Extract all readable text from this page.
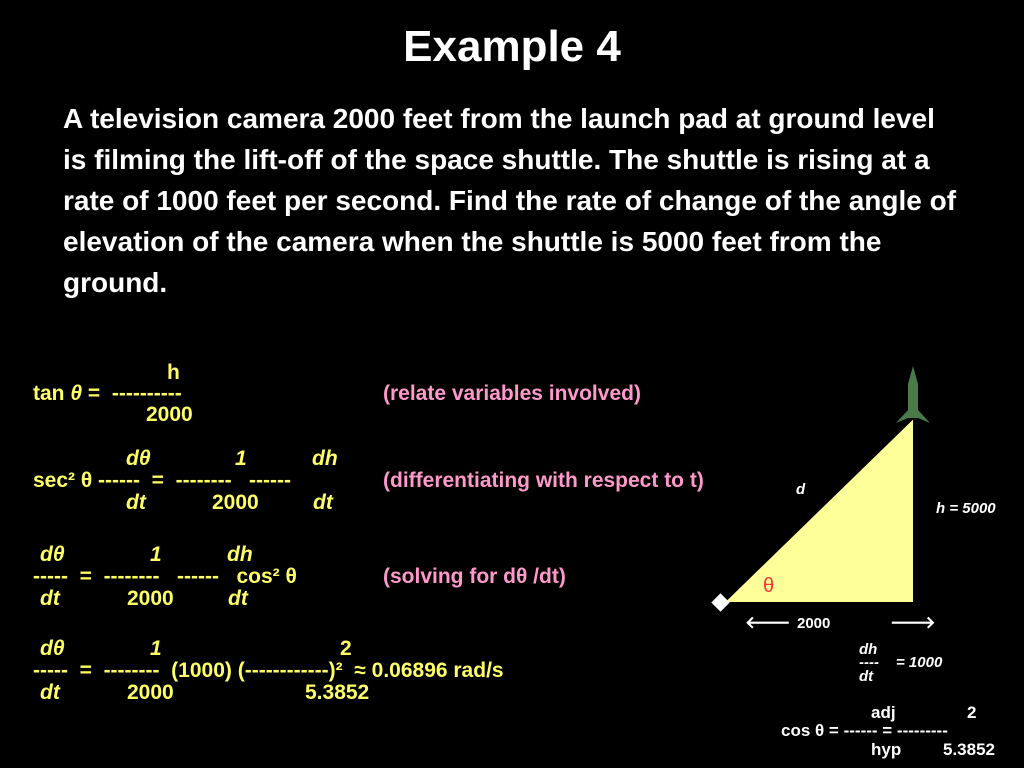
Example 4
A television camera 2000 feet from the launch pad at ground level is filming the lift-off of the space shuttle. The shuttle is rising at a rate of 1000 feet per second. Find the rate of change of the angle of elevation of the camera when the shuttle is 5000 feet from the ground.
h
tan θ =  ----------
2000
(relate variables involved)
dθ	1	dh
sec² θ ------  =  --------   ------
dt	2000	dt
(differentiating with respect to t)
dθ	1	dh
-----  =  --------   ------   cos² θ
dt	2000	dt
(solving for dθ /dt)
dθ	1	2
-----  =  --------  (1000) (------------)²  ≈ 0.06896 rad/s
dt	2000	5.3852
d
h = 5000
θ
🡐 2000	🡒
dh
---- = 1000
dt
adj	2
cos θ = ------ = ---------
hyp 5.3852
